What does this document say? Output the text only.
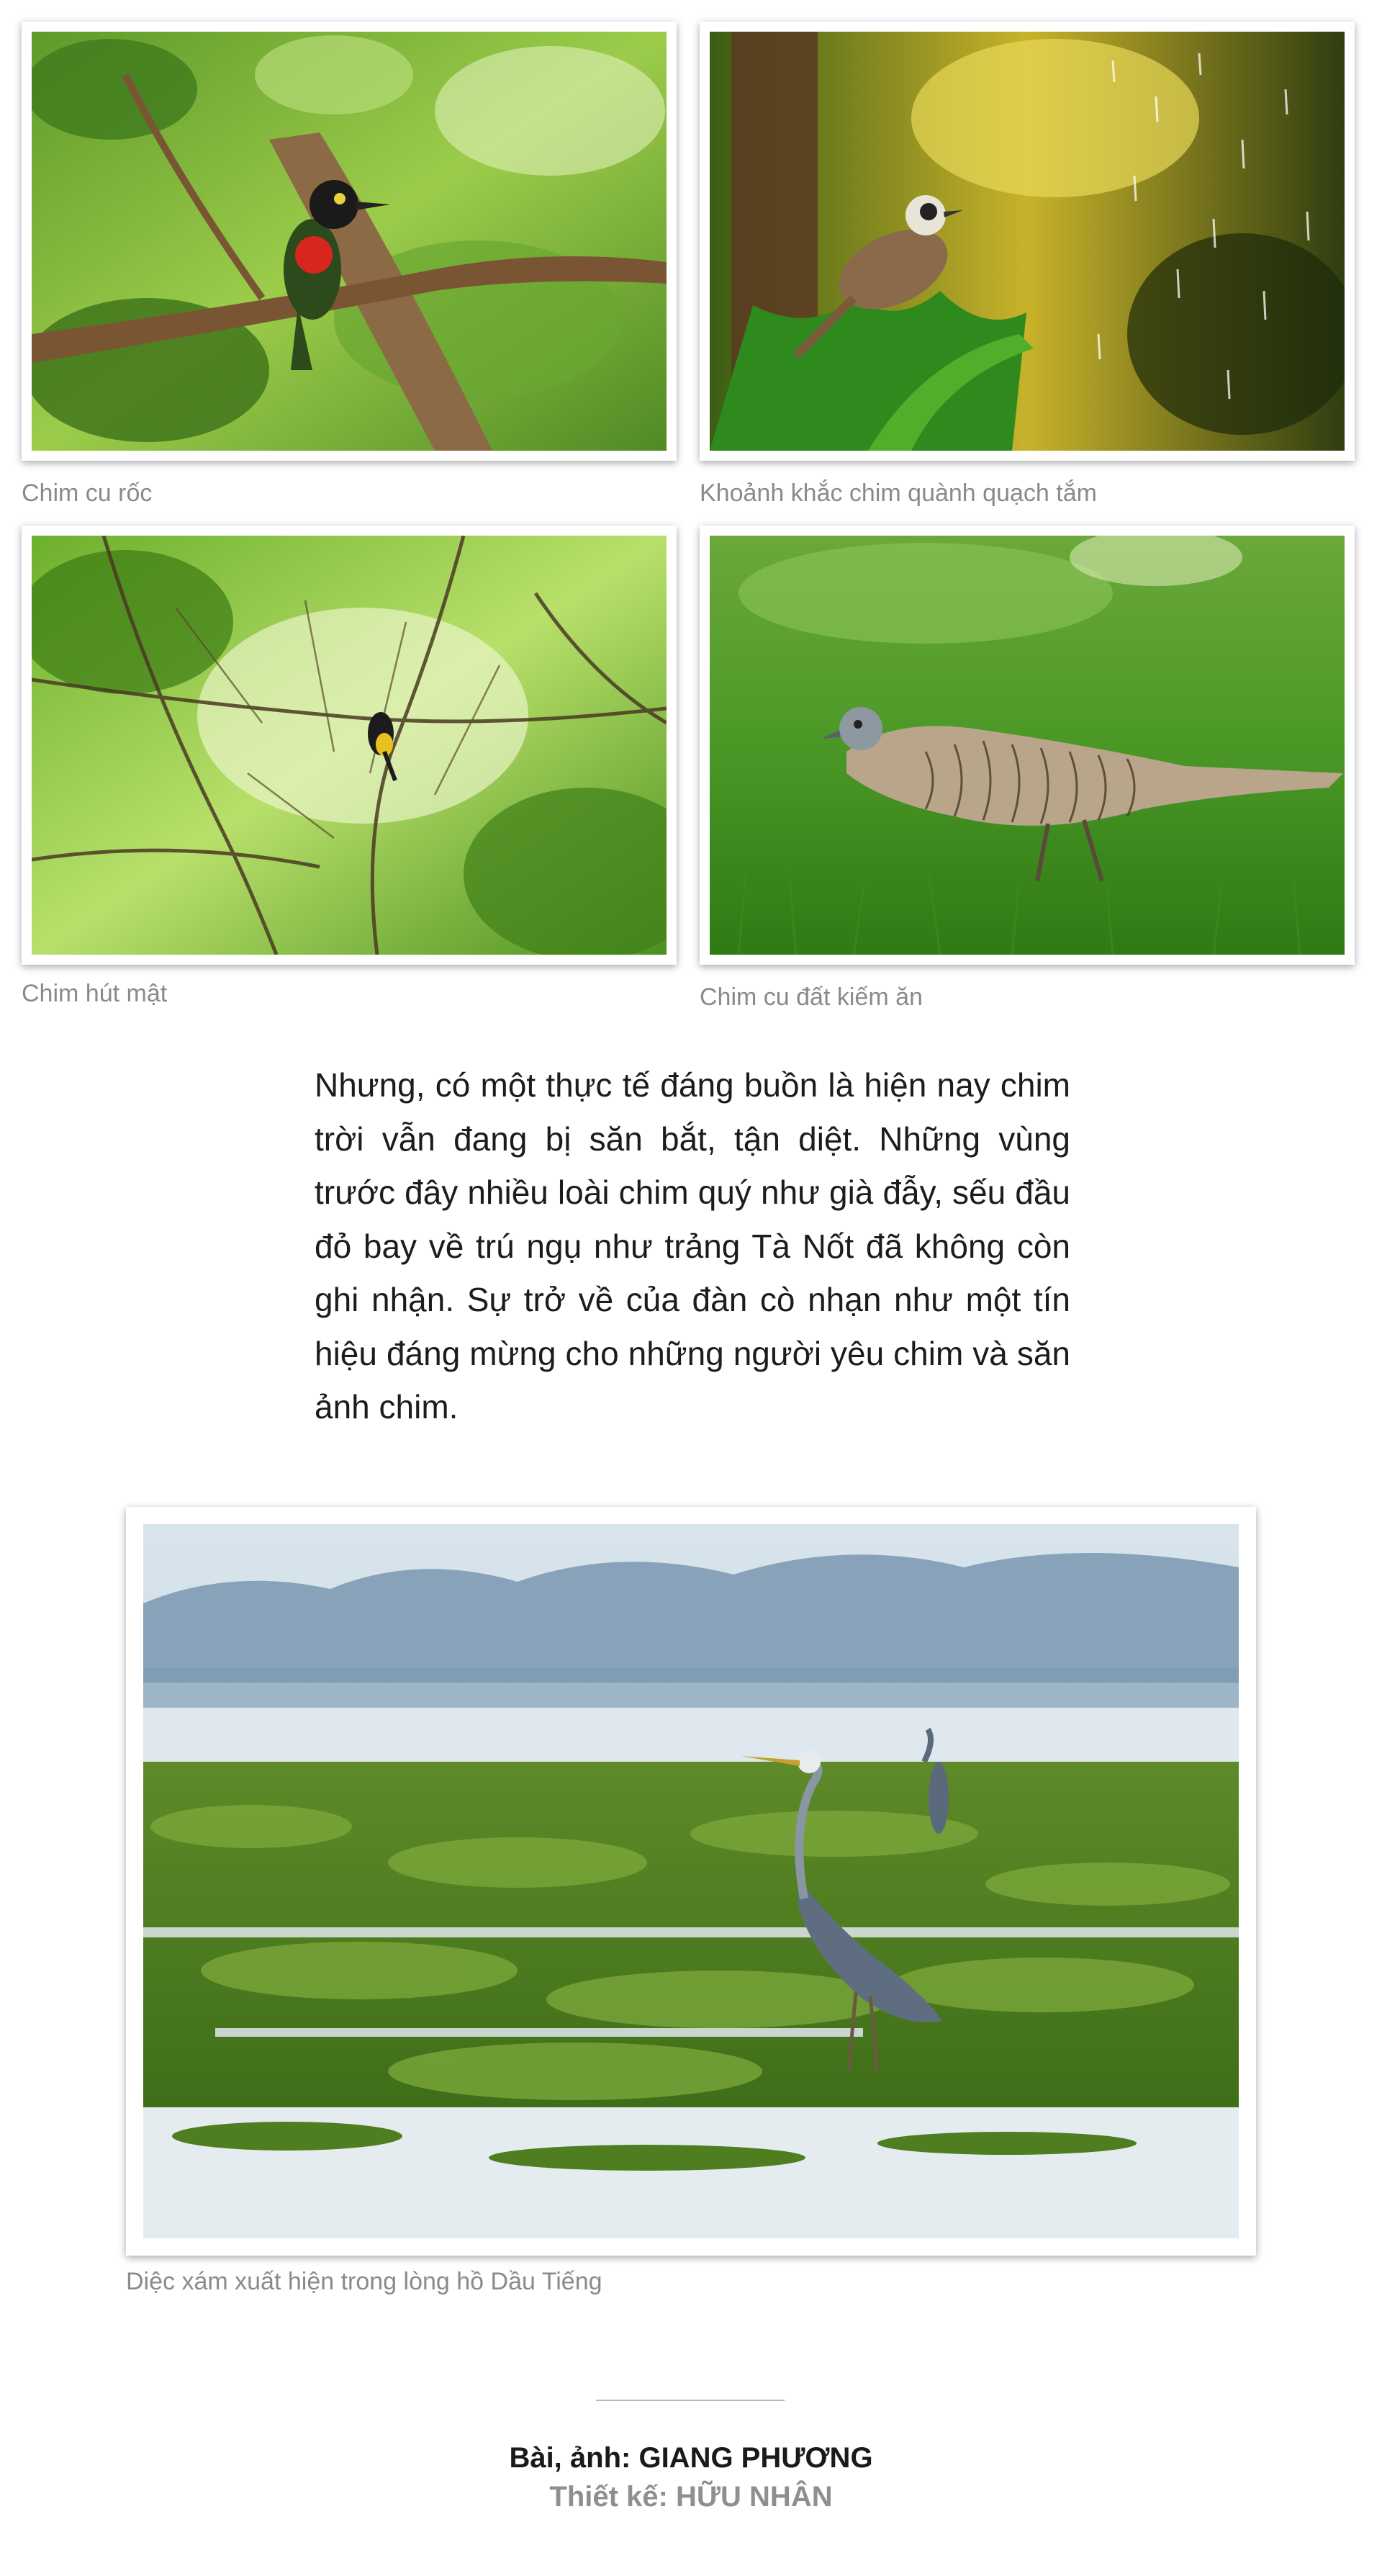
Chim cu rốc	Khoảnh khắc chim quành quạch tắm
Chim hút mật	Chim cu đất kiếm ăn

Nhưng, có một thực tế đáng buồn là hiện nay chim trời vẫn đang bị săn bắt, tận diệt. Những vùng trước đây nhiều loài chim quý như già đẫy, sếu đầu đỏ bay về trú ngụ như trảng Tà Nốt đã không còn ghi nhận. Sự trở về của đàn cò nhạn như một tín hiệu đáng mừng cho những người yêu chim và săn ảnh chim.

Diệc xám xuất hiện trong lòng hồ Dầu Tiếng
Bài, ảnh: GIANG PHƯƠNG
Thiết kế: HỮU NHÂN
